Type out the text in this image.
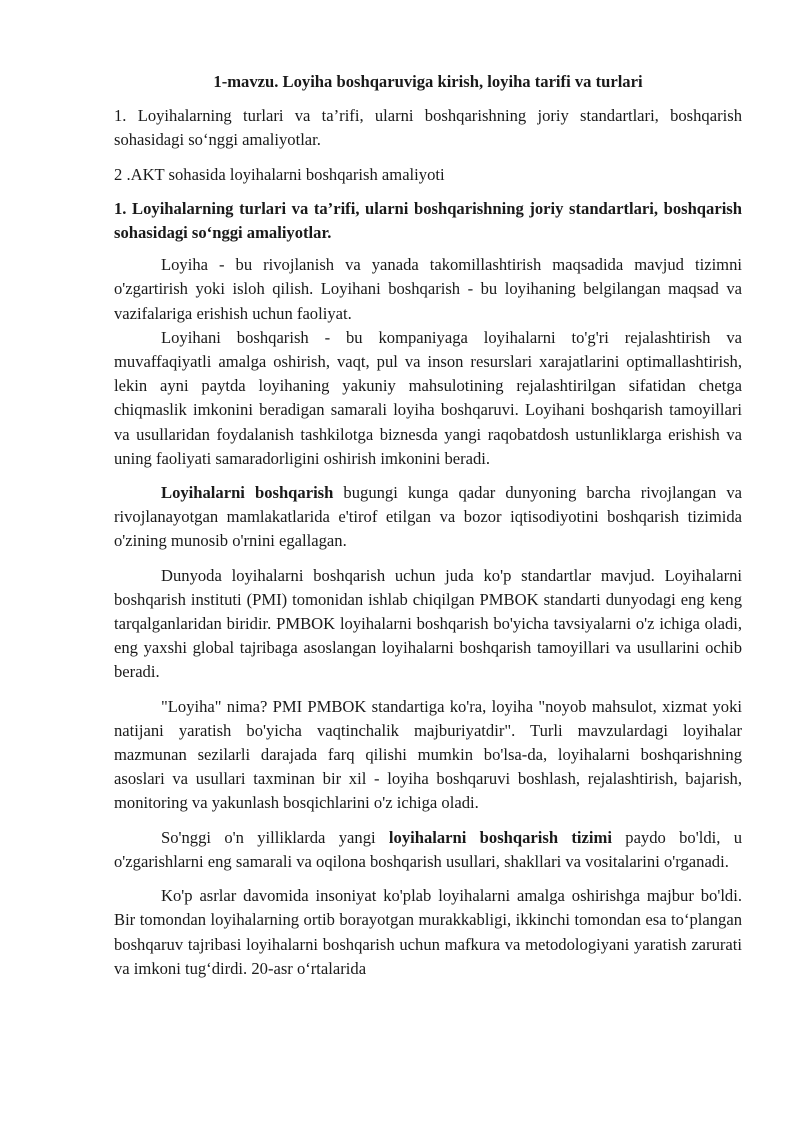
1-mavzu. Loyiha boshqaruviga kirish, loyiha tarifi va turlari

1. Loyihalarning turlari va ta’rifi, ularni boshqarishning joriy standartlari, boshqarish sohasidagi so‘nggi amaliyotlar.

2 .AKT sohasida loyihalarni boshqarish amaliyoti

1. Loyihalarning turlari va ta’rifi, ularni boshqarishning joriy standartlari, boshqarish sohasidagi so‘nggi amaliyotlar.

Loyiha - bu rivojlanish va yanada takomillashtirish maqsadida mavjud tizimni o'zgartirish yoki isloh qilish. Loyihani boshqarish - bu loyihaning belgilangan maqsad va vazifalariga erishish uchun faoliyat.

Loyihani boshqarish - bu kompaniyaga loyihalarni to'g'ri rejalashtirish va muvaffaqiyatli amalga oshirish, vaqt, pul va inson resurslari xarajatlarini optimallashtirish, lekin ayni paytda loyihaning yakuniy mahsulotining rejalashtirilgan sifatidan chetga chiqmaslik imkonini beradigan samarali loyiha boshqaruvi. Loyihani boshqarish tamoyillari va usullaridan foydalanish tashkilotga biznesda yangi raqobatdosh ustunliklarga erishish va uning faoliyati samaradorligini oshirish imkonini beradi.

Loyihalarni boshqarish bugungi kunga qadar dunyoning barcha rivojlangan va rivojlanayotgan mamlakatlarida e'tirof etilgan va bozor iqtisodiyotini boshqarish tizimida o'zining munosib o'rnini egallagan.

Dunyoda loyihalarni boshqarish uchun juda ko'p standartlar mavjud. Loyihalarni boshqarish instituti (PMI) tomonidan ishlab chiqilgan PMBOK standarti dunyodagi eng keng tarqalganlaridan biridir. PMBOK loyihalarni boshqarish bo'yicha tavsiyalarni o'z ichiga oladi, eng yaxshi global tajribaga asoslangan loyihalarni boshqarish tamoyillari va usullarini ochib beradi.

"Loyiha" nima? PMI PMBOK standartiga ko'ra, loyiha "noyob mahsulot, xizmat yoki natijani yaratish bo'yicha vaqtinchalik majburiyatdir". Turli mavzulardagi loyihalar mazmunan sezilarli darajada farq qilishi mumkin bo'lsa-da, loyihalarni boshqarishning asoslari va usullari taxminan bir xil - loyiha boshqaruvi boshlash, rejalashtirish, bajarish, monitoring va yakunlash bosqichlarini o'z ichiga oladi.

So'nggi o'n yilliklarda yangi loyihalarni boshqarish tizimi paydo bo'ldi, u o'zgarishlarni eng samarali va oqilona boshqarish usullari, shakllari va vositalarini o'rganadi.

Ko'p asrlar davomida insoniyat ko'plab loyihalarni amalga oshirishga majbur bo'ldi. Bir tomondan loyihalarning ortib borayotgan murakkabligi, ikkinchi tomondan esa to‘plangan boshqaruv tajribasi loyihalarni boshqarish uchun mafkura va metodologiyani yaratish zarurati va imkoni tug‘dirdi. 20-asr o‘rtalarida
